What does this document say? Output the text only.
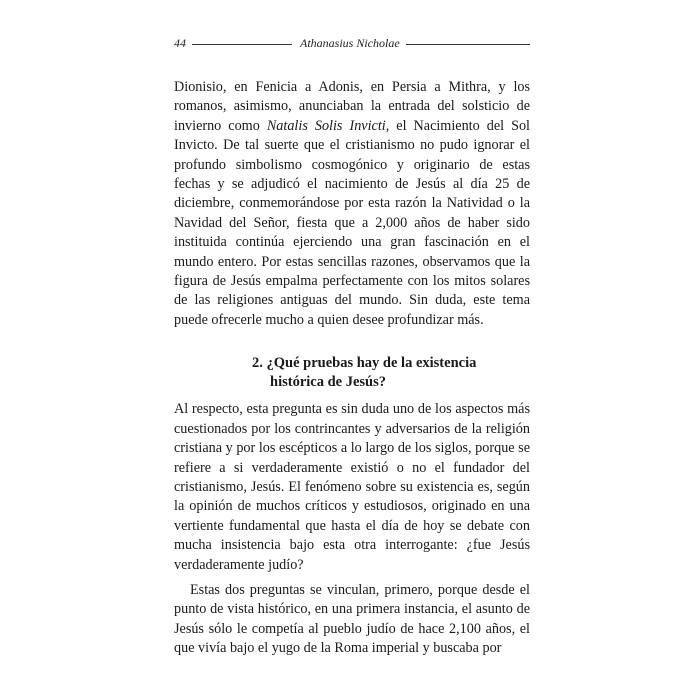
44	Athanasius Nicholae

Dionisio, en Fenicia a Adonis, en Persia a Mithra, y los romanos, asimismo, anunciaban la entrada del solsticio de invierno como Natalis Solis Invicti, el Nacimiento del Sol Invicto. De tal suerte que el cristianismo no pudo ignorar el profundo simbolismo cosmogónico y originario de estas fechas y se adjudicó el nacimiento de Jesús al día 25 de diciembre, conmemorándose por esta razón la Natividad o la Navidad del Señor, fiesta que a 2,000 años de haber sido instituida continúa ejerciendo una gran fascinación en el mundo entero. Por estas sencillas razones, observamos que la figura de Jesús empalma perfectamente con los mitos solares de las religiones antiguas del mundo. Sin duda, este tema puede ofrecerle mucho a quien desee profundizar más.

2. ¿Qué pruebas hay de la existencia
histórica de Jesús?

Al respecto, esta pregunta es sin duda uno de los aspectos más cuestionados por los contrincantes y adversarios de la religión cristiana y por los escépticos a lo largo de los siglos, porque se refiere a si verdaderamente existió o no el fundador del cristianismo, Jesús. El fenómeno sobre su existencia es, según la opinión de muchos críticos y estudiosos, originado en una vertiente fundamental que hasta el día de hoy se debate con mucha insistencia bajo esta otra interrogante: ¿fue Jesús verdaderamente judío?

Estas dos preguntas se vinculan, primero, porque desde el punto de vista histórico, en una primera instancia, el asunto de Jesús sólo le competía al pueblo judío de hace 2,100 años, el que vivía bajo el yugo de la Roma imperial y buscaba por
